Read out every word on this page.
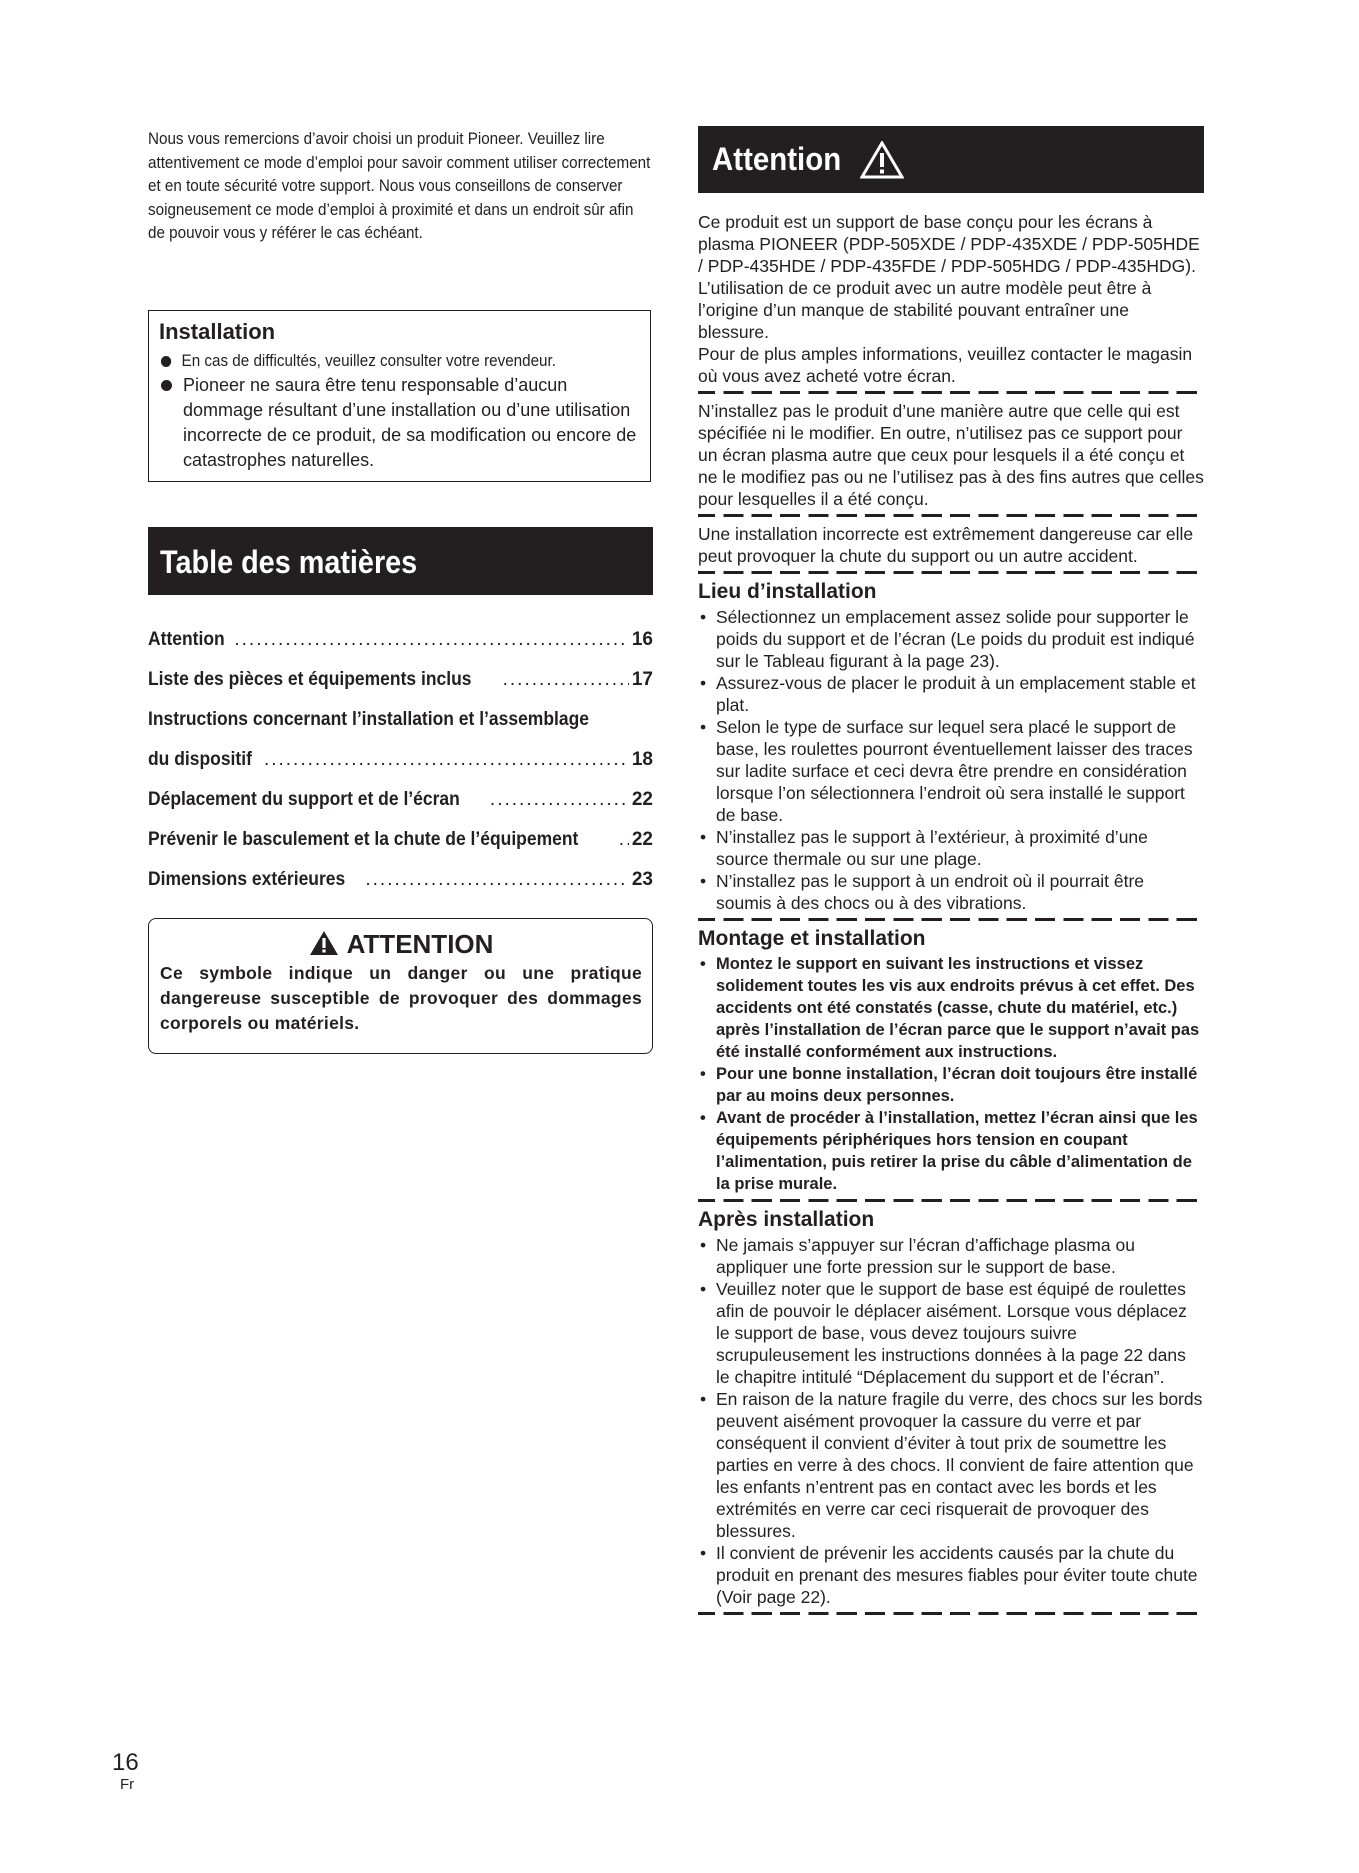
Nous vous remercions d’avoir choisi un produit Pioneer. Veuillez lire attentivement ce mode d’emploi pour savoir comment utiliser correctement et en toute sécurité votre support. Nous vous conseillons de conserver soigneusement ce mode d’emploi à proximité et dans un endroit sûr afin de pouvoir vous y référer le cas échéant.

Installation
En cas de difficultés, veuillez consulter votre revendeur.
Pioneer ne saura être tenu responsable d’aucun dommage résultant d’une installation ou d’une utilisation incorrecte de ce produit, de sa modification ou encore de catastrophes naturelles.
Table des matières
Attention .....	16
Liste des pièces et équipements inclus .....	17
Instructions concernant l’installation et l’assemblage
du dispositif .....	18
Déplacement du support et de l’écran .....	22
Prévenir le basculement et la chute de l’équipement .....	22
Dimensions extérieures .....	23
ATTENTION
Ce symbole indique un danger ou une pratique dangereuse susceptible de provoquer des dommages corporels ou matériels.
Attention

Ce produit est un support de base conçu pour les écrans à plasma PIONEER (PDP-505XDE / PDP-435XDE / PDP-505HDE / PDP-435HDE / PDP-435FDE / PDP-505HDG / PDP-435HDG).

L’utilisation de ce produit avec un autre modèle peut être à l’origine d’un manque de stabilité pouvant entraîner une blessure.

Pour de plus amples informations, veuillez contacter le magasin où vous avez acheté votre écran.

N’installez pas le produit d’une manière autre que celle qui est spécifiée ni le modifier. En outre, n’utilisez pas ce support pour un écran plasma autre que ceux pour lesquels il a été conçu et ne le modifiez pas ou ne l’utilisez pas à des fins autres que celles pour lesquelles il a été conçu.

Une installation incorrecte est extrêmement dangereuse car elle peut provoquer la chute du support ou un autre accident.

Lieu d’installation
• Sélectionnez un emplacement assez solide pour supporter le poids du support et de l’écran (Le poids du produit est indiqué sur le Tableau figurant à la page 23).
• Assurez-vous de placer le produit à un emplacement stable et plat.
• Selon le type de surface sur lequel sera placé le support de base, les roulettes pourront éventuellement laisser des traces sur ladite surface et ceci devra être prendre en considération lorsque l’on sélectionnera l’endroit où sera installé le support de base.
• N’installez pas le support à l’extérieur, à proximité d’une source thermale ou sur une plage.
• N’installez pas le support à un endroit où il pourrait être soumis à des chocs ou à des vibrations.
Montage et installation
• Montez le support en suivant les instructions et vissez solidement toutes les vis aux endroits prévus à cet effet. Des accidents ont été constatés (casse, chute du matériel, etc.) après l’installation de l’écran parce que le support n’avait pas été installé conformément aux instructions.
• Pour une bonne installation, l’écran doit toujours être installé par au moins deux personnes.
• Avant de procéder à l’installation, mettez l’écran ainsi que les équipements périphériques hors tension en coupant l’alimentation, puis retirer la prise du câble d’alimentation de la prise murale.
Après installation
• Ne jamais s’appuyer sur l’écran d’affichage plasma ou appliquer une forte pression sur le support de base.
• Veuillez noter que le support de base est équipé de roulettes afin de pouvoir le déplacer aisément. Lorsque vous déplacez le support de base, vous devez toujours suivre scrupuleusement les instructions données à la page 22 dans le chapitre intitulé “Déplacement du support et de l’écran”.
• En raison de la nature fragile du verre, des chocs sur les bords peuvent aisément provoquer la cassure du verre et par conséquent il convient d’éviter à tout prix de soumettre les parties en verre à des chocs. Il convient de faire attention que les enfants n’entrent pas en contact avec les bords et les extrémités en verre car ceci risquerait de provoquer des blessures.
• Il convient de prévenir les accidents causés par la chute du produit en prenant des mesures fiables pour éviter toute chute (Voir page 22).
16
Fr
